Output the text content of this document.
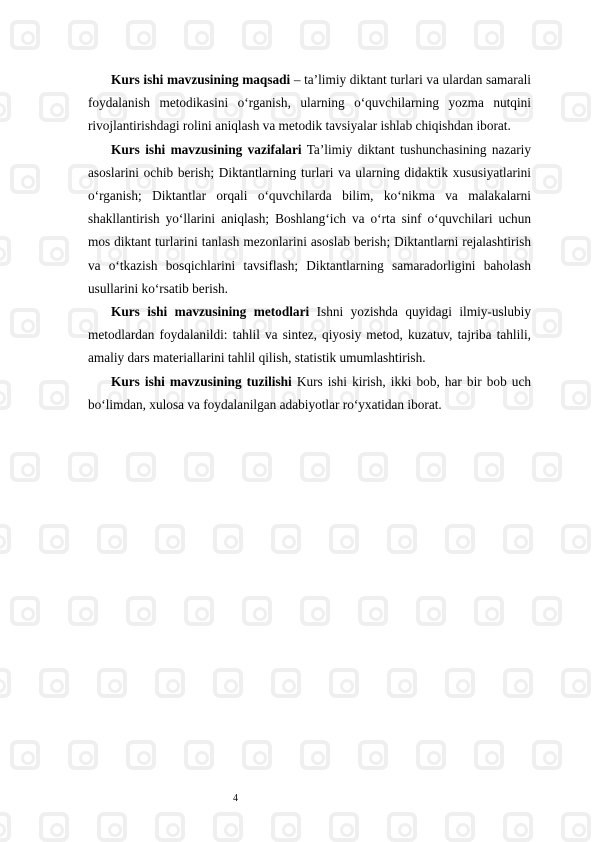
Kurs ishi mavzusining maqsadi – ta’limiy diktant turlari va ulardan samarali foydalanish metodikasini o‘rganish, ularning o‘quvchilarning yozma nutqini rivojlantirishdagi rolini aniqlash va metodik tavsiyalar ishlab chiqishdan iborat.

Kurs ishi mavzusining vazifalari Ta’limiy diktant tushunchasining nazariy asoslarini ochib berish; Diktantlarning turlari va ularning didaktik xususiyatlarini o‘rganish; Diktantlar orqali o‘quvchilarda bilim, ko‘nikma va malakalarni shakllantirish yo‘llarini aniqlash; Boshlang‘ich va o‘rta sinf o‘quvchilari uchun mos diktant turlarini tanlash mezonlarini asoslab berish; Diktantlarni rejalashtirish va o‘tkazish bosqichlarini tavsiflash; Diktantlarning samaradorligini baholash usullarini ko‘rsatib berish.

Kurs ishi mavzusining metodlari Ishni yozishda quyidagi ilmiy-uslubiy metodlardan foydalanildi: tahlil va sintez, qiyosiy metod, kuzatuv, tajriba tahlili, amaliy dars materiallarini tahlil qilish, statistik umumlashtirish.

Kurs ishi mavzusining tuzilishi Kurs ishi kirish, ikki bob, har bir bob uch bo‘limdan, xulosa va foydalanilgan adabiyotlar ro‘yxatidan iborat.

4
